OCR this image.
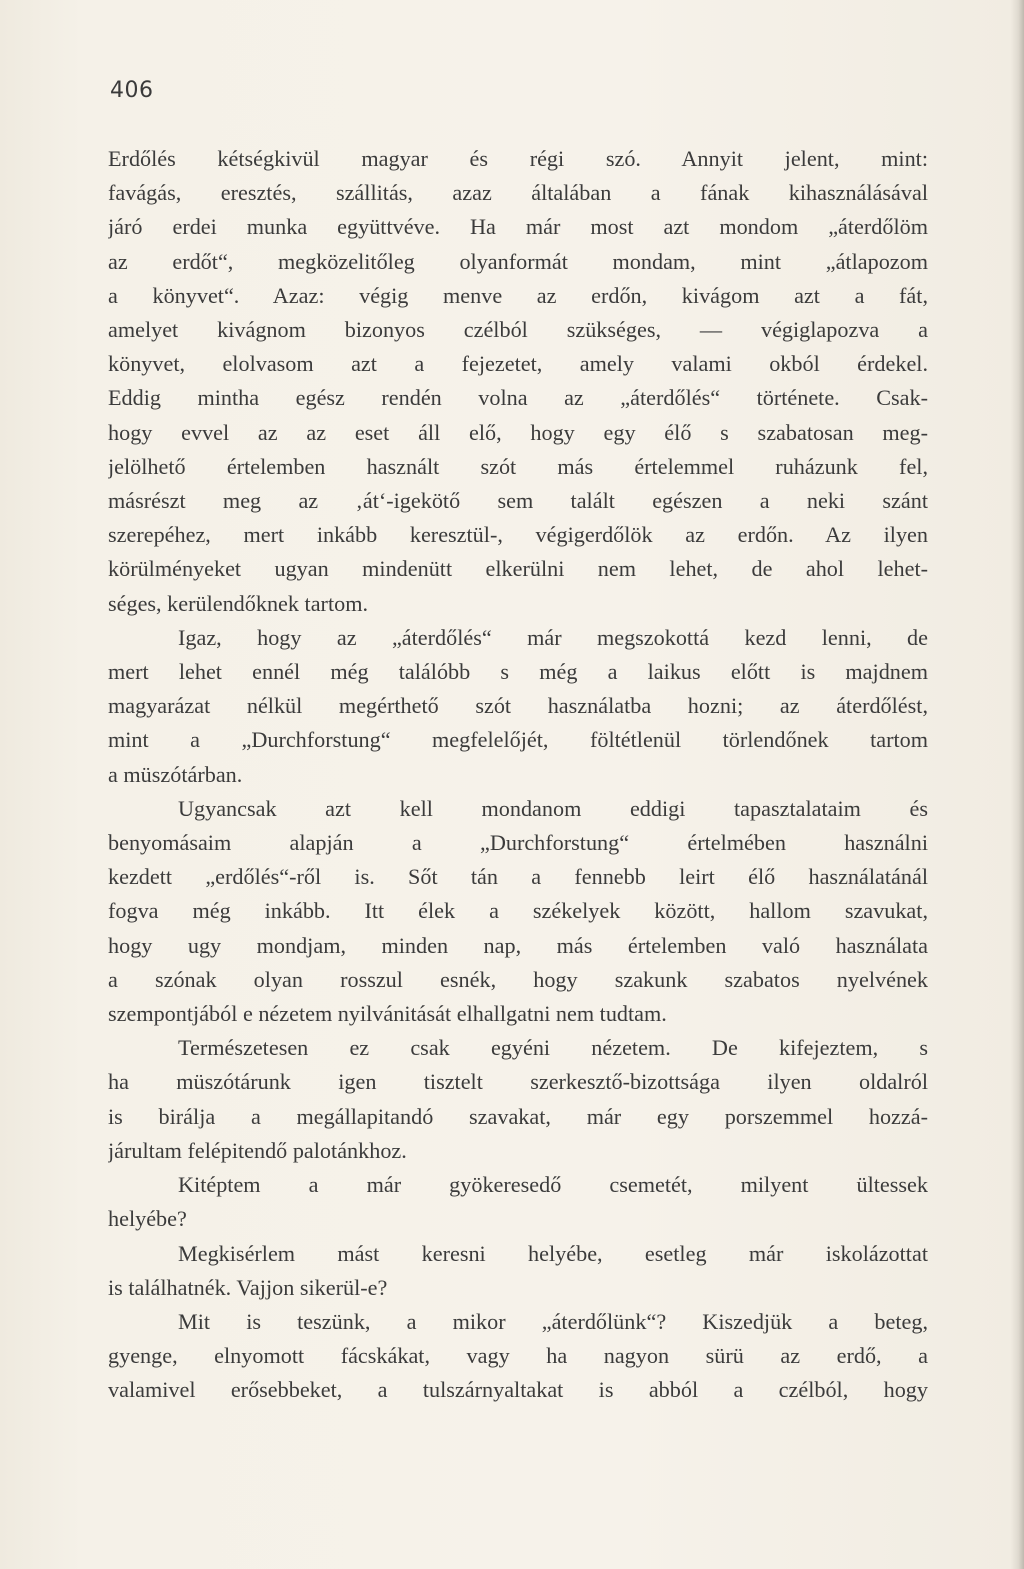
406
Erdőlés kétségkivül magyar és régi szó. Annyit jelent, mint:
favágás, eresztés, szállitás, azaz általában a fának kihasználásával
járó erdei munka együttvéve. Ha már most azt mondom „áterdőlöm
az erdőt“, megközelitőleg olyanformát mondam, mint „átlapozom
a könyvet“. Azaz: végig menve az erdőn, kivágom azt a fát,
amelyet kivágnom bizonyos czélból szükséges, — végiglapozva a
könyvet, elolvasom azt a fejezetet, amely valami okból érdekel.
Eddig mintha egész rendén volna az „áterdőlés“ története. Csak-
hogy evvel az az eset áll elő, hogy egy élő s szabatosan meg-
jelölhető értelemben használt szót más értelemmel ruházunk fel,
másrészt meg az ‚át‘-igekötő sem talált egészen a neki szánt
szerepéhez, mert inkább keresztül-, végigerdőlök az erdőn. Az ilyen
körülményeket ugyan mindenütt elkerülni nem lehet, de ahol lehet-
séges, kerülendőknek tartom.
Igaz, hogy az „áterdőlés“ már megszokottá kezd lenni, de
mert lehet ennél még találóbb s még a laikus előtt is majdnem
magyarázat nélkül megérthető szót használatba hozni; az áterdőlést,
mint a „Durchforstung“ megfelelőjét, föltétlenül törlendőnek tartom
a müszótárban.
Ugyancsak azt kell mondanom eddigi tapasztalataim és
benyomásaim alapján a „Durchforstung“ értelmében használni
kezdett „erdőlés“-ről is. Sőt tán a fennebb leirt élő használatánál
fogva még inkább. Itt élek a székelyek között, hallom szavukat,
hogy ugy mondjam, minden nap, más értelemben való használata
a szónak olyan rosszul esnék, hogy szakunk szabatos nyelvének
szempontjából e nézetem nyilvánitását elhallgatni nem tudtam.
Természetesen ez csak egyéni nézetem. De kifejeztem, s
ha müszótárunk igen tisztelt szerkesztő-bizottsága ilyen oldalról
is birálja a megállapitandó szavakat, már egy porszemmel hozzá-
járultam felépitendő palotánkhoz.
Kitéptem a már gyökeresedő csemetét, milyent ültessek
helyébe?
Megkisérlem mást keresni helyébe, esetleg már iskolázottat
is találhatnék. Vajjon sikerül-e?
Mit is teszünk, a mikor „áterdőlünk“? Kiszedjük a beteg,
gyenge, elnyomott fácskákat, vagy ha nagyon sürü az erdő, a
valamivel erősebbeket, a tulszárnyaltakat is abból a czélból, hogy
